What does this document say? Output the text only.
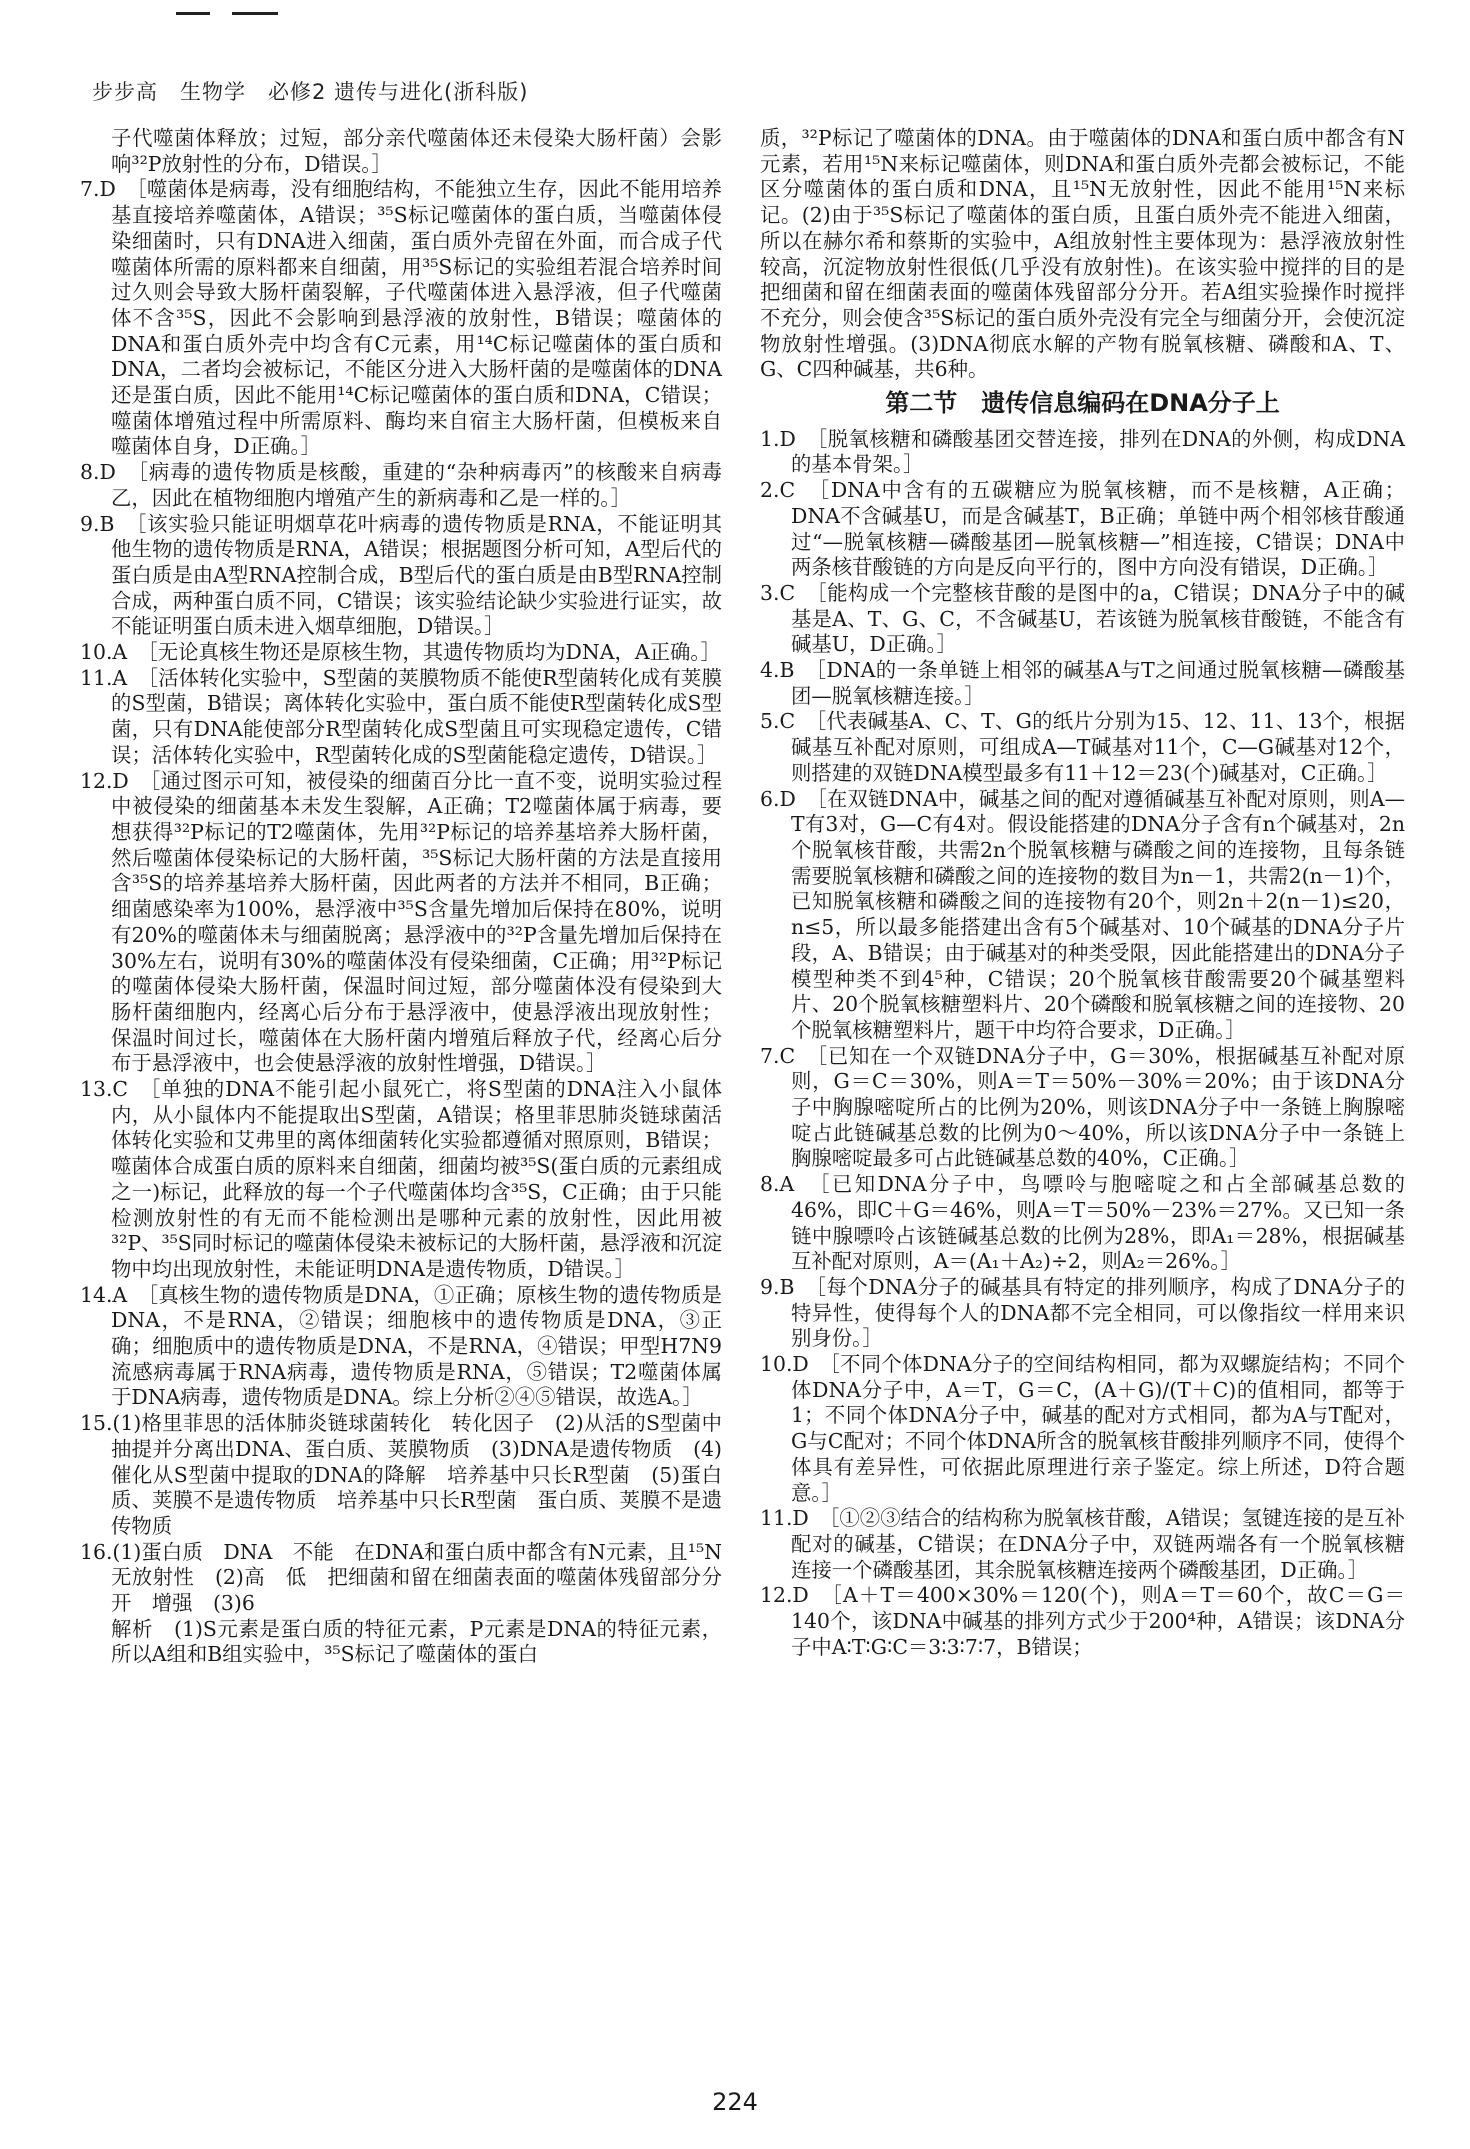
步步高　生物学　必修2 遗传与进化(浙科版)

子代噬菌体释放；过短，部分亲代噬菌体还未侵染大肠杆菌）会影响³²P放射性的分布，D错误。］

7.D　［噬菌体是病毒，没有细胞结构，不能独立生存，因此不能用培养基直接培养噬菌体，A错误；³⁵S标记噬菌体的蛋白质，当噬菌体侵染细菌时，只有DNA进入细菌，蛋白质外壳留在外面，而合成子代噬菌体所需的原料都来自细菌，用³⁵S标记的实验组若混合培养时间过久则会导致大肠杆菌裂解，子代噬菌体进入悬浮液，但子代噬菌体不含³⁵S，因此不会影响到悬浮液的放射性，B错误；噬菌体的DNA和蛋白质外壳中均含有C元素，用¹⁴C标记噬菌体的蛋白质和DNA，二者均会被标记，不能区分进入大肠杆菌的是噬菌体的DNA还是蛋白质，因此不能用¹⁴C标记噬菌体的蛋白质和DNA，C错误；噬菌体增殖过程中所需原料、酶均来自宿主大肠杆菌，但模板来自噬菌体自身，D正确。］

8.D　［病毒的遗传物质是核酸，重建的“杂种病毒丙”的核酸来自病毒乙，因此在植物细胞内增殖产生的新病毒和乙是一样的。］

9.B　［该实验只能证明烟草花叶病毒的遗传物质是RNA，不能证明其他生物的遗传物质是RNA，A错误；根据题图分析可知，A型后代的蛋白质是由A型RNA控制合成，B型后代的蛋白质是由B型RNA控制合成，两种蛋白质不同，C错误；该实验结论缺少实验进行证实，故不能证明蛋白质未进入烟草细胞，D错误。］

10.A　［无论真核生物还是原核生物，其遗传物质均为DNA，A正确。］

11.A　［活体转化实验中，S型菌的荚膜物质不能使R型菌转化成有荚膜的S型菌，B错误；离体转化实验中，蛋白质不能使R型菌转化成S型菌，只有DNA能使部分R型菌转化成S型菌且可实现稳定遗传，C错误；活体转化实验中，R型菌转化成的S型菌能稳定遗传，D错误。］

12.D　［通过图示可知，被侵染的细菌百分比一直不变，说明实验过程中被侵染的细菌基本未发生裂解，A正确；T2噬菌体属于病毒，要想获得³²P标记的T2噬菌体，先用³²P标记的培养基培养大肠杆菌，然后噬菌体侵染标记的大肠杆菌，³⁵S标记大肠杆菌的方法是直接用含³⁵S的培养基培养大肠杆菌，因此两者的方法并不相同，B正确；细菌感染率为100%，悬浮液中³⁵S含量先增加后保持在80%，说明有20%的噬菌体未与细菌脱离；悬浮液中的³²P含量先增加后保持在30%左右，说明有30%的噬菌体没有侵染细菌，C正确；用³²P标记的噬菌体侵染大肠杆菌，保温时间过短，部分噬菌体没有侵染到大肠杆菌细胞内，经离心后分布于悬浮液中，使悬浮液出现放射性；保温时间过长，噬菌体在大肠杆菌内增殖后释放子代，经离心后分布于悬浮液中，也会使悬浮液的放射性增强，D错误。］

13.C　［单独的DNA不能引起小鼠死亡，将S型菌的DNA注入小鼠体内，从小鼠体内不能提取出S型菌，A错误；格里菲思肺炎链球菌活体转化实验和艾弗里的离体细菌转化实验都遵循对照原则，B错误；噬菌体合成蛋白质的原料来自细菌，细菌均被³⁵S(蛋白质的元素组成之一)标记，此释放的每一个子代噬菌体均含³⁵S，C正确；由于只能检测放射性的有无而不能检测出是哪种元素的放射性，因此用被³²P、³⁵S同时标记的噬菌体侵染未被标记的大肠杆菌，悬浮液和沉淀物中均出现放射性，未能证明DNA是遗传物质，D错误。］

14.A　［真核生物的遗传物质是DNA，①正确；原核生物的遗传物质是DNA，不是RNA，②错误；细胞核中的遗传物质是DNA，③正确；细胞质中的遗传物质是DNA，不是RNA，④错误；甲型H7N9流感病毒属于RNA病毒，遗传物质是RNA，⑤错误；T2噬菌体属于DNA病毒，遗传物质是DNA。综上分析②④⑤错误，故选A。］

15.(1)格里菲思的活体肺炎链球菌转化　转化因子　(2)从活的S型菌中抽提并分离出DNA、蛋白质、荚膜物质　(3)DNA是遗传物质　(4)催化从S型菌中提取的DNA的降解　培养基中只长R型菌　(5)蛋白质、荚膜不是遗传物质　培养基中只长R型菌　蛋白质、荚膜不是遗传物质

16.(1)蛋白质　DNA　不能　在DNA和蛋白质中都含有N元素，且¹⁵N无放射性　(2)高　低　把细菌和留在细菌表面的噬菌体残留部分分开　增强　(3)6

解析　(1)S元素是蛋白质的特征元素，P元素是DNA的特征元素，所以A组和B组实验中，³⁵S标记了噬菌体的蛋白

质，³²P标记了噬菌体的DNA。由于噬菌体的DNA和蛋白质中都含有N元素，若用¹⁵N来标记噬菌体，则DNA和蛋白质外壳都会被标记，不能区分噬菌体的蛋白质和DNA，且¹⁵N无放射性，因此不能用¹⁵N来标记。(2)由于³⁵S标记了噬菌体的蛋白质，且蛋白质外壳不能进入细菌，所以在赫尔希和蔡斯的实验中，A组放射性主要体现为：悬浮液放射性较高，沉淀物放射性很低(几乎没有放射性)。在该实验中搅拌的目的是把细菌和留在细菌表面的噬菌体残留部分分开。若A组实验操作时搅拌不充分，则会使含³⁵S标记的蛋白质外壳没有完全与细菌分开，会使沉淀物放射性增强。(3)DNA彻底水解的产物有脱氧核糖、磷酸和A、T、G、C四种碱基，共6种。

第二节　遗传信息编码在DNA分子上

1.D　［脱氧核糖和磷酸基团交替连接，排列在DNA的外侧，构成DNA的基本骨架。］

2.C　［DNA中含有的五碳糖应为脱氧核糖，而不是核糖，A正确；DNA不含碱基U，而是含碱基T，B正确；单链中两个相邻核苷酸通过“—脱氧核糖—磷酸基团—脱氧核糖—”相连接，C错误；DNA中两条核苷酸链的方向是反向平行的，图中方向没有错误，D正确。］

3.C　［能构成一个完整核苷酸的是图中的a，C错误；DNA分子中的碱基是A、T、G、C，不含碱基U，若该链为脱氧核苷酸链，不能含有碱基U，D正确。］

4.B　［DNA的一条单链上相邻的碱基A与T之间通过脱氧核糖—磷酸基团—脱氧核糖连接。］

5.C　［代表碱基A、C、T、G的纸片分别为15、12、11、13个，根据碱基互补配对原则，可组成A—T碱基对11个，C—G碱基对12个，则搭建的双链DNA模型最多有11＋12＝23(个)碱基对，C正确。］

6.D　［在双链DNA中，碱基之间的配对遵循碱基互补配对原则，则A—T有3对，G—C有4对。假设能搭建的DNA分子含有n个碱基对，2n个脱氧核苷酸，共需2n个脱氧核糖与磷酸之间的连接物，且每条链需要脱氧核糖和磷酸之间的连接物的数目为n－1，共需2(n－1)个，已知脱氧核糖和磷酸之间的连接物有20个，则2n＋2(n－1)≤20，n≤5，所以最多能搭建出含有5个碱基对、10个碱基的DNA分子片段，A、B错误；由于碱基对的种类受限，因此能搭建出的DNA分子模型种类不到4⁵种，C错误；20个脱氧核苷酸需要20个碱基塑料片、20个脱氧核糖塑料片、20个磷酸和脱氧核糖之间的连接物、20个脱氧核糖塑料片，题干中均符合要求，D正确。］

7.C　［已知在一个双链DNA分子中，G＝30%，根据碱基互补配对原则，G＝C＝30%，则A＝T＝50%－30%＝20%；由于该DNA分子中胸腺嘧啶所占的比例为20%，则该DNA分子中一条链上胸腺嘧啶占此链碱基总数的比例为0～40%，所以该DNA分子中一条链上胸腺嘧啶最多可占此链碱基总数的40%，C正确。］

8.A　［已知DNA分子中，鸟嘌呤与胞嘧啶之和占全部碱基总数的46%，即C＋G＝46%，则A＝T＝50%－23%＝27%。又已知一条链中腺嘌呤占该链碱基总数的比例为28%，即A₁＝28%，根据碱基互补配对原则，A＝(A₁＋A₂)÷2，则A₂＝26%。］

9.B　［每个DNA分子的碱基具有特定的排列顺序，构成了DNA分子的特异性，使得每个人的DNA都不完全相同，可以像指纹一样用来识别身份。］

10.D　［不同个体DNA分子的空间结构相同，都为双螺旋结构；不同个体DNA分子中，A＝T，G＝C，(A＋G)/(T＋C)的值相同，都等于1；不同个体DNA分子中，碱基的配对方式相同，都为A与T配对，G与C配对；不同个体DNA所含的脱氧核苷酸排列顺序不同，使得个体具有差异性，可依据此原理进行亲子鉴定。综上所述，D符合题意。］

11.D　［①②③结合的结构称为脱氧核苷酸，A错误；氢键连接的是互补配对的碱基，C错误；在DNA分子中，双链两端各有一个脱氧核糖连接一个磷酸基团，其余脱氧核糖连接两个磷酸基团，D正确。］

12.D　［A＋T＝400×30%＝120(个)，则A＝T＝60个，故C＝G＝140个，该DNA中碱基的排列方式少于200⁴种，A错误；该DNA分子中A∶T∶G∶C＝3∶3∶7∶7，B错误；

224
